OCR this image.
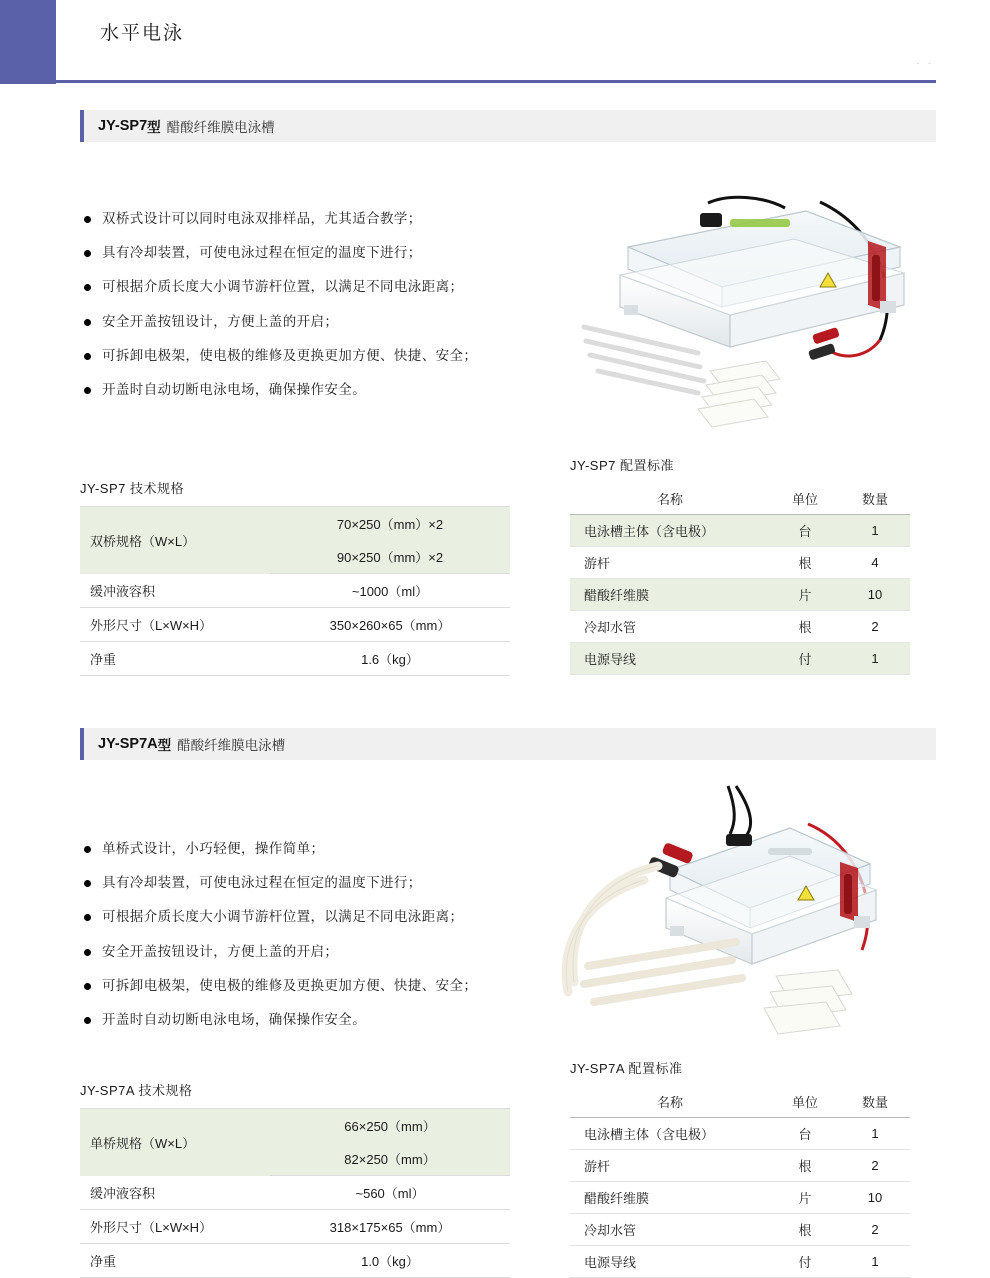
水平电泳
- -
JY-SP7 型 醋酸纤维膜电泳槽
双桥式设计可以同时电泳双排样品，尤其适合教学；
具有冷却装置，可使电泳过程在恒定的温度下进行；
可根据介质长度大小调节游杆位置，以满足不同电泳距离；
安全开盖按钮设计，方便上盖的开启；
可拆卸电极架，使电极的维修及更换更加方便、快捷、安全；
开盖时自动切断电泳电场，确保操作安全。
JY-SP7 技术规格
双桥规格（W×L）	70×250（mm）×2
	90×250（mm）×2
缓冲液容积	~1000（ml）
外形尺寸（L×W×H）	350×260×65（mm）
净重	1.6（kg）
JY-SP7 配置标准
名称	单位	数量
电泳槽主体（含电极）	台	1
游杆	根	4
醋酸纤维膜	片	10
冷却水管	根	2
电源导线	付	1
JY-SP7A 型 醋酸纤维膜电泳槽
单桥式设计，小巧轻便，操作简单；
具有冷却装置，可使电泳过程在恒定的温度下进行；
可根据介质长度大小调节游杆位置，以满足不同电泳距离；
安全开盖按钮设计，方便上盖的开启；
可拆卸电极架，使电极的维修及更换更加方便、快捷、安全；
开盖时自动切断电泳电场，确保操作安全。
JY-SP7A 技术规格
单桥规格（W×L）	66×250（mm）
	82×250（mm）
缓冲液容积	~560（ml）
外形尺寸（L×W×H）	318×175×65（mm）
净重	1.0（kg）
JY-SP7A 配置标准
名称	单位	数量
电泳槽主体（含电极）	台	1
游杆	根	2
醋酸纤维膜	片	10
冷却水管	根	2
电源导线	付	1
